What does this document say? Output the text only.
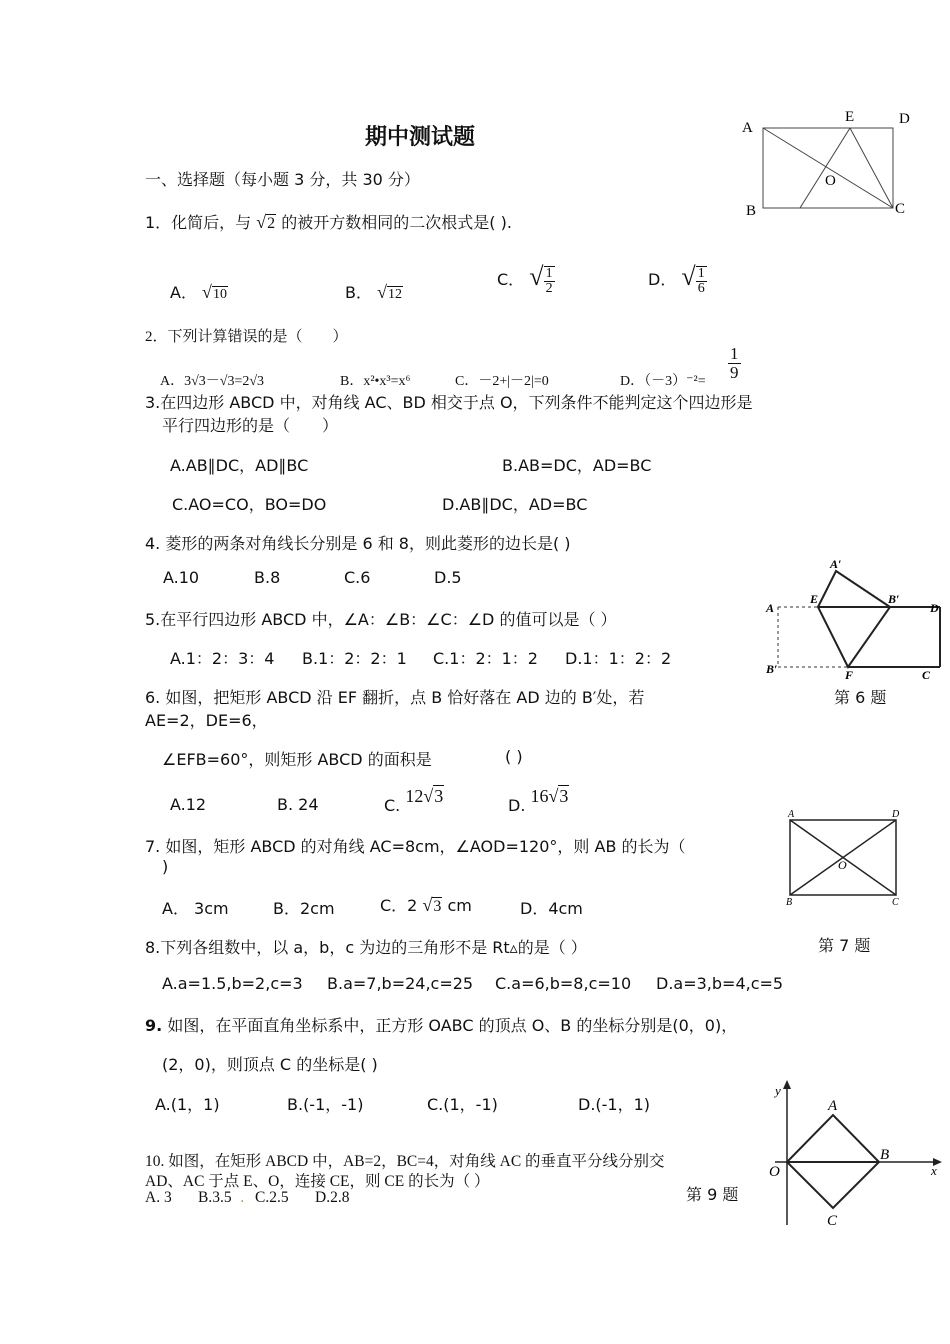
期中测试题
一、选择题（每小题 3 分，共 30 分）
A
E	D
O
B	C
1．化简后，与 √2 的被开方数相同的二次根式是( ).
A． √10	B． √12
C． √ $\frac{1}{2}$	D． √ $\frac{1}{6}$
2．下列计算错误的是（　　）
A．3√3－√3=2√3	B．x²•x³=x⁶	C．－2+|－2|=0	D．$(-3)^{-2}= \frac{1}{9}$
3.在四边形 ABCD 中，对角线 AC、BD 相交于点 O，下列条件不能判定这个四边形是
平行四边形的是（　　）
A.AB∥DC，AD∥BC	B.AB=DC，AD=BC
C.AO=CO，BO=DO	D.AB∥DC，AD=BC
4. 菱形的两条对角线长分别是 6 和 8，则此菱形的边长是( )
A.10	B.8	C.6	D.5
A′
A
E	B′
D
B′	F	C
第 6 题
5.在平行四边形 ABCD 中，∠A：∠B：∠C：∠D 的值可以是（ ）
A.1：2：3：4 B.1：2：2：1 C.1：2：1：2 D.1：1：2：2
6. 如图，把矩形 ABCD 沿 EF 翻折，点 B 恰好落在 AD 边的 B′处，若
AE=2，DE=6，
∠EFB=60°，则矩形 ABCD 的面积是	( )
A.12	B. 24	C. 12√3	D. 16√3
A	D
O
B	C
第 7 题
7. 如图，矩形 ABCD 的对角线 AC=8cm，∠AOD=120°，则 AB 的长为（
)
A． 3cm	B．2cm	C．2 √3 cm	D．4cm
8.下列各组数中，以 a，b，c 为边的三角形不是 Rt▵的是（ ）
A.a=1.5,b=2,c=3 B.a=7,b=24,c=25 C.a=6,b=8,c=10 D.a=3,b=4,c=5
9. 如图，在平面直角坐标系中，正方形 OABC 的顶点 O、B 的坐标分别是(0，0)，
(2，0)，则顶点 C 的坐标是( )
A.(1，1)	B.(-1，-1)	C.(1，-1)	D.(-1，1)
y
A
O
B
x
C
10. 如图，在矩形 ABCD 中，AB=2，BC=4，对角线 AC 的垂直平分线分别交
AD、AC 于点 E、O，连接 CE，则 CE 的长为（ ）
A. 3 B.3.5 . C.2.5 D.2.8	第 9 题
